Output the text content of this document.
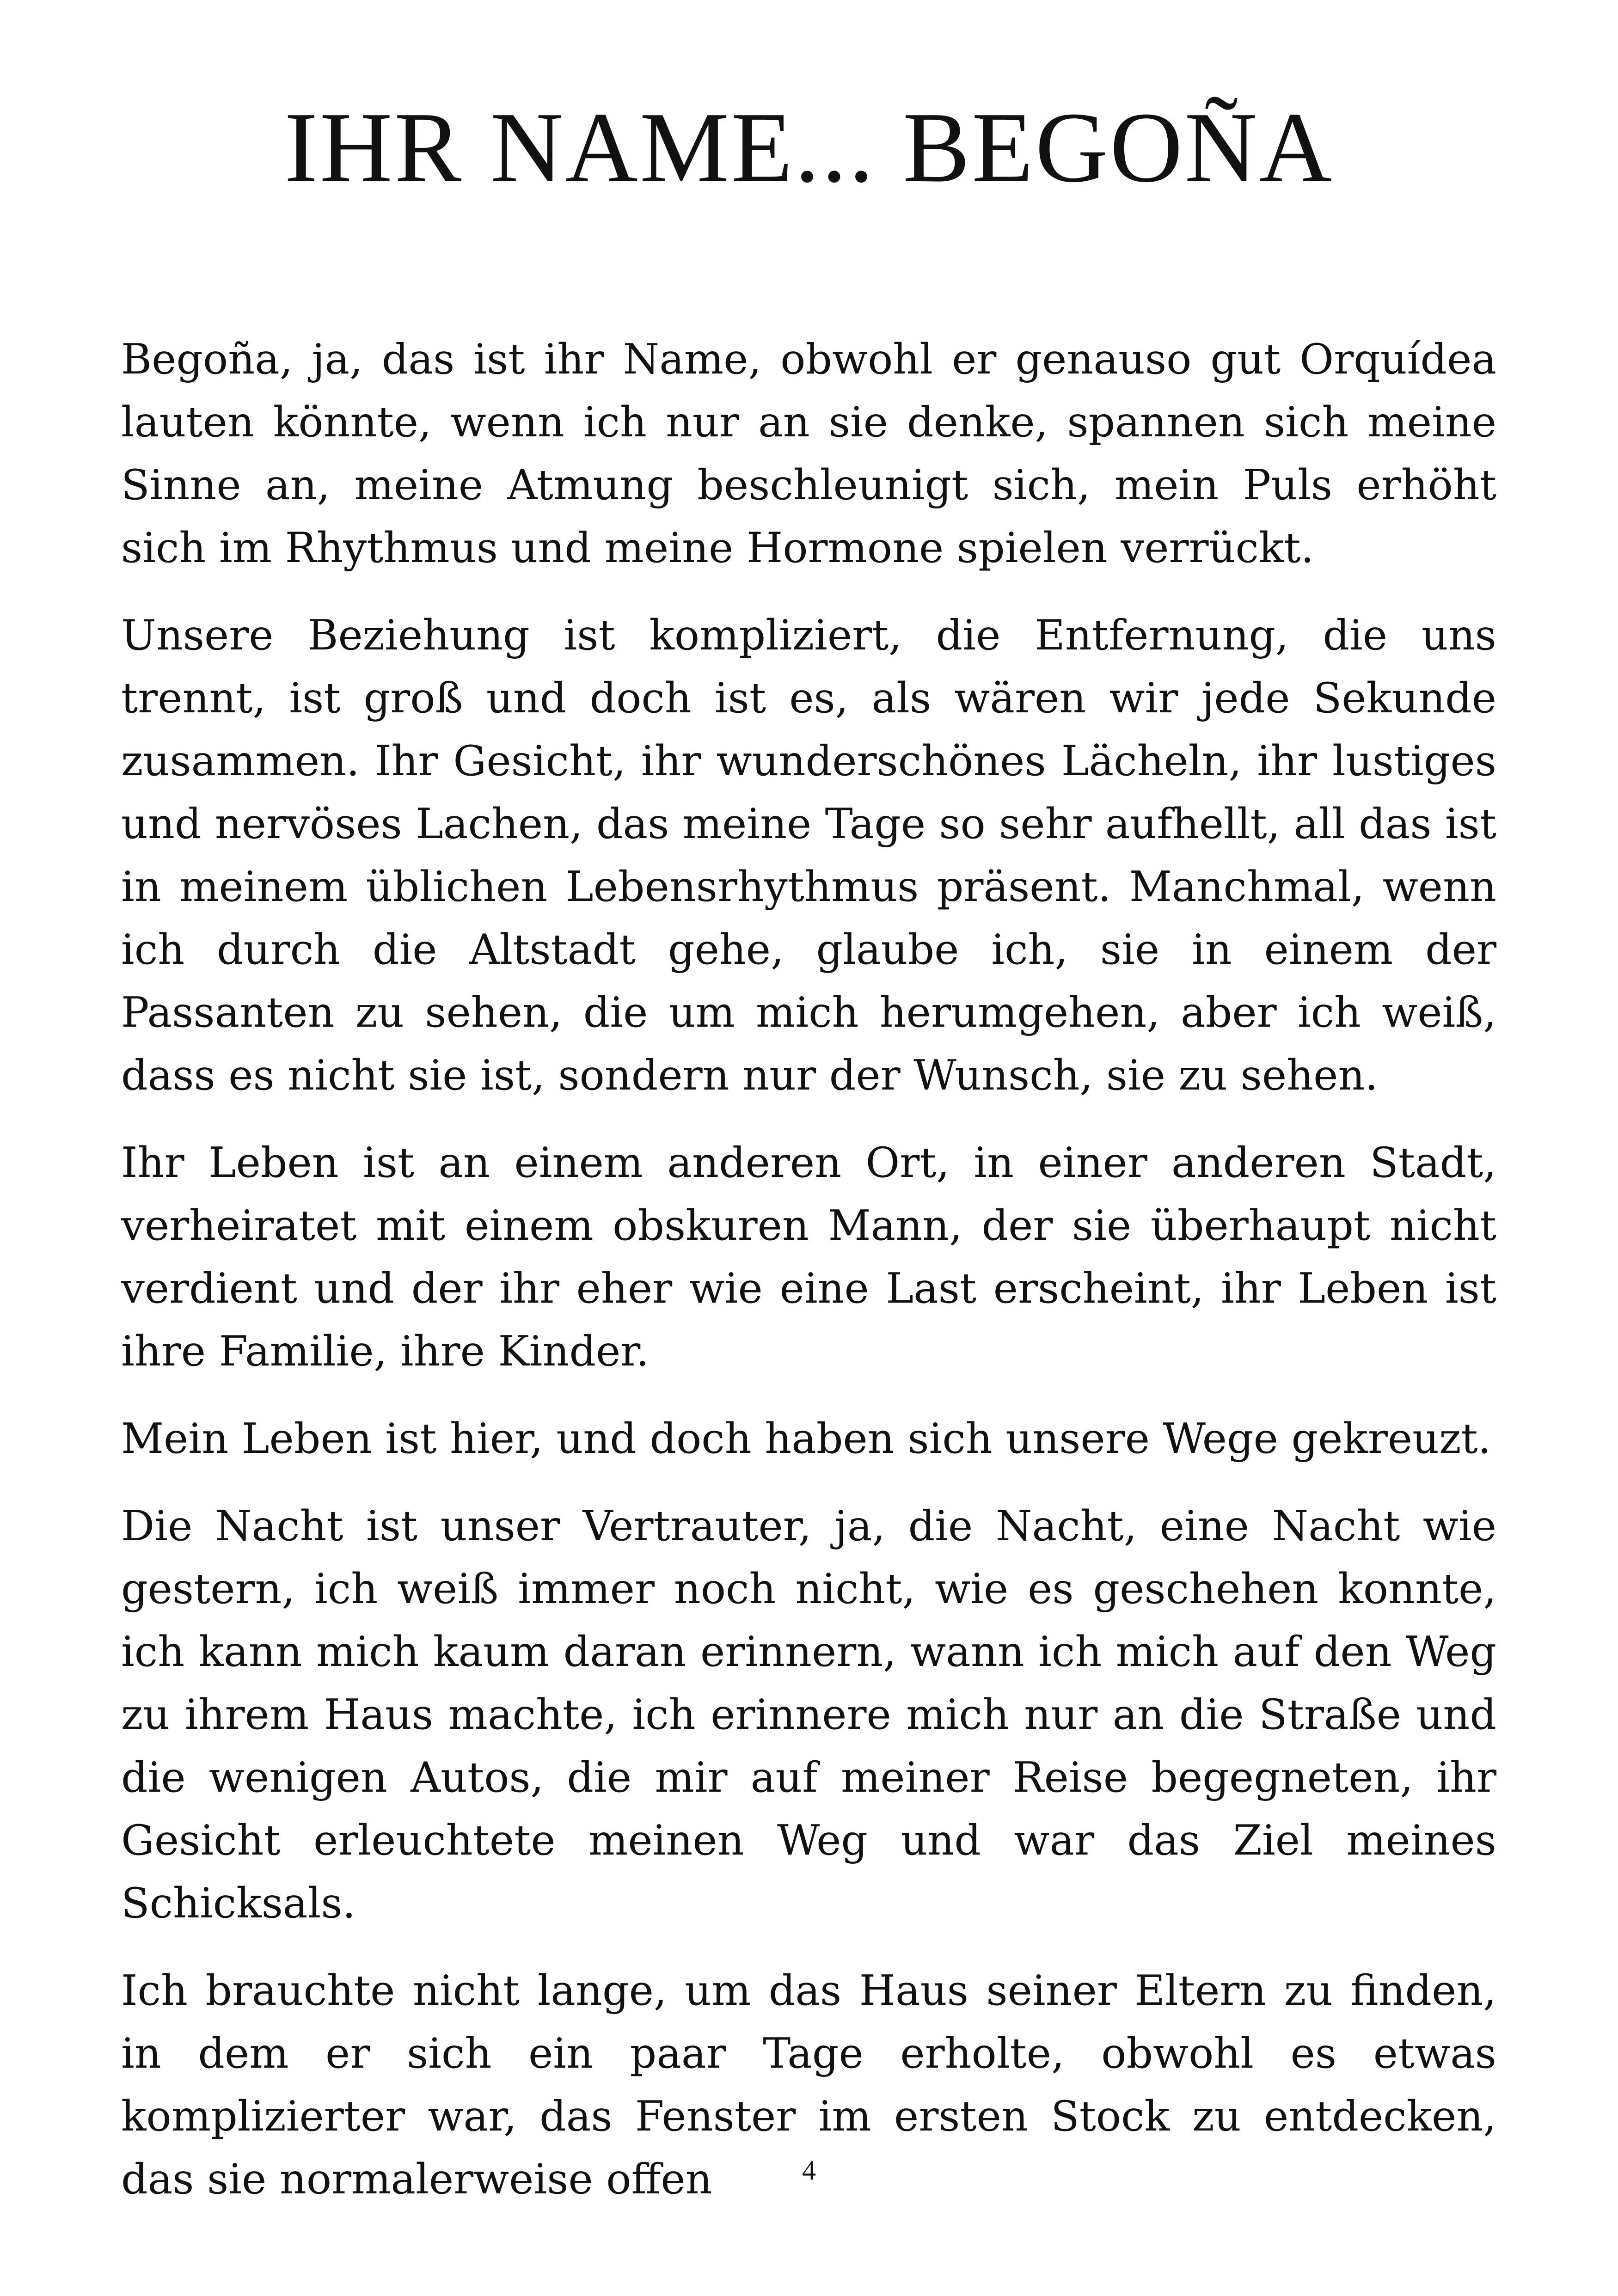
IHR NAME... BEGOÑA

Begoña, ja, das ist ihr Name, obwohl er genauso gut Orquídea lauten könnte, wenn ich nur an sie denke, spannen sich meine Sinne an, meine Atmung beschleunigt sich, mein Puls erhöht sich im Rhythmus und meine Hormone spielen verrückt.

Unsere Beziehung ist kompliziert, die Entfernung, die uns trennt, ist groß und doch ist es, als wären wir jede Sekunde zusammen. Ihr Gesicht, ihr wunderschönes Lächeln, ihr lustiges und nervöses Lachen, das meine Tage so sehr aufhellt, all das ist in meinem üblichen Lebensrhythmus präsent. Manchmal, wenn ich durch die Altstadt gehe, glaube ich, sie in einem der Passanten zu sehen, die um mich herumgehen, aber ich weiß, dass es nicht sie ist, sondern nur der Wunsch, sie zu sehen.

Ihr Leben ist an einem anderen Ort, in einer anderen Stadt, verheiratet mit einem obskuren Mann, der sie überhaupt nicht verdient und der ihr eher wie eine Last erscheint, ihr Leben ist ihre Familie, ihre Kinder.

Mein Leben ist hier, und doch haben sich unsere Wege gekreuzt.

Die Nacht ist unser Vertrauter, ja, die Nacht, eine Nacht wie gestern, ich weiß immer noch nicht, wie es geschehen konnte, ich kann mich kaum daran erinnern, wann ich mich auf den Weg zu ihrem Haus machte, ich erinnere mich nur an die Straße und die wenigen Autos, die mir auf meiner Reise begegneten, ihr Gesicht erleuchtete meinen Weg und war das Ziel meines Schicksals.

Ich brauchte nicht lange, um das Haus seiner Eltern zu finden, in dem er sich ein paar Tage erholte, obwohl es etwas komplizierter war, das Fenster im ersten Stock zu entdecken, das sie normalerweise offen	4
